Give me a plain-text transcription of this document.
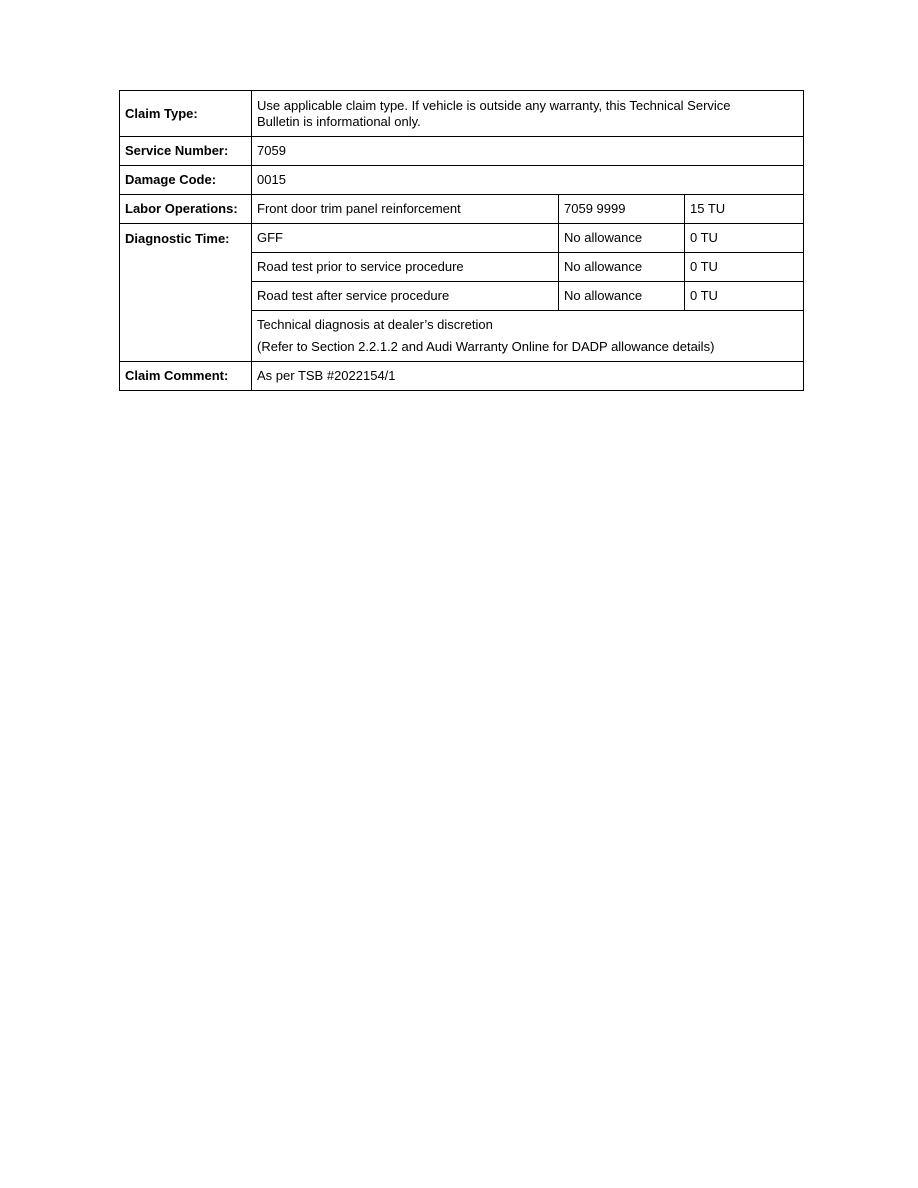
Claim Type:	Use applicable claim type. If vehicle is outside any warranty, this Technical Service
Bulletin is informational only.		

Service Number:	7059		
Damage Code:	0015		
Labor Operations:	Front door trim panel reinforcement	7059 9999	15 TU
Diagnostic Time:	GFF	No allowance	0 TU
	Road test prior to service procedure	No allowance	0 TU
	Road test after service procedure	No allowance	0 TU

	Technical diagnosis at dealer’s discretion
(Refer to Section 2.2.1.2 and Audi Warranty Online for DADP allowance details)		

Claim Comment:	As per TSB #2022154/1		
